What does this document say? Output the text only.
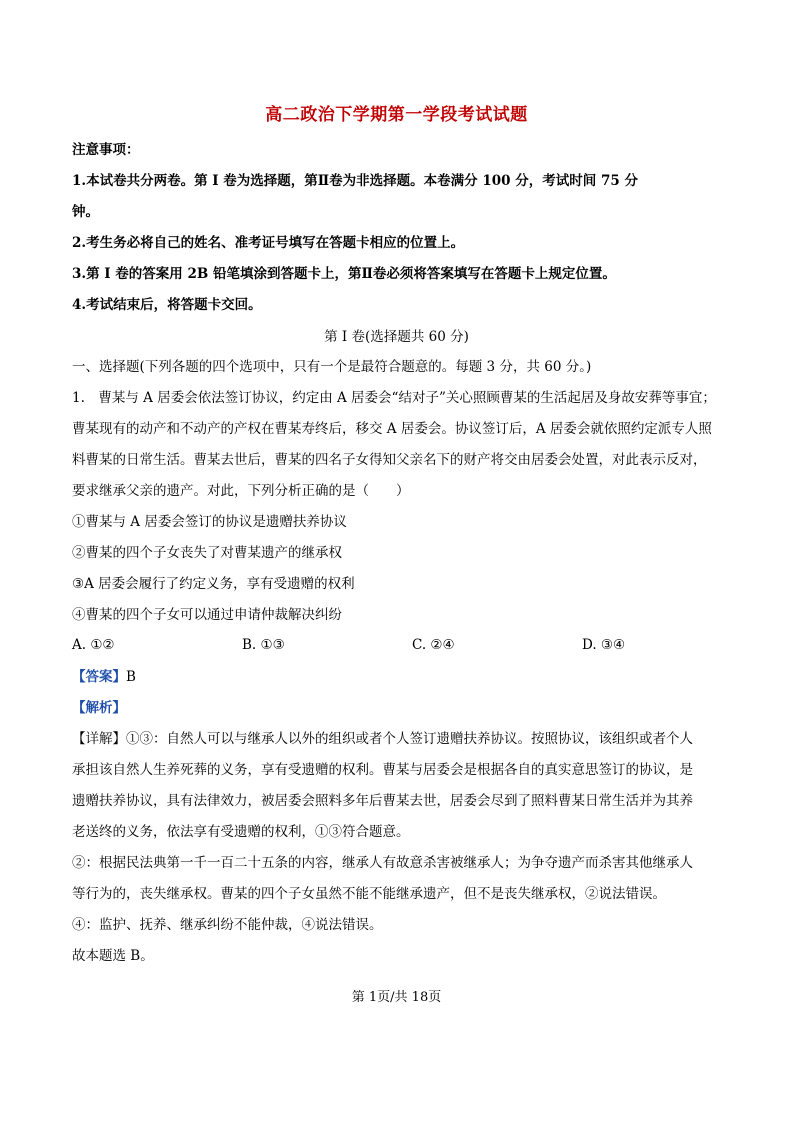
高二政治下学期第一学段考试试题
注意事项：
1.本试卷共分两卷。第 I 卷为选择题，第Ⅱ卷为非选择题。本卷满分 100 分，考试时间 75 分
钟。
2.考生务必将自己的姓名、准考证号填写在答题卡相应的位置上。
3.第 I 卷的答案用 2B 铅笔填涂到答题卡上，第Ⅱ卷必须将答案填写在答题卡上规定位置。
4.考试结束后，将答题卡交回。
第 I 卷(选择题共 60 分)
一、选择题(下列各题的四个选项中，只有一个是最符合题意的。每题 3 分，共 60 分。)
1.　曹某与 A 居委会依法签订协议，约定由 A 居委会“结对子”关心照顾曹某的生活起居及身故安葬等事宜；
曹某现有的动产和不动产的产权在曹某寿终后，移交 A 居委会。协议签订后，A 居委会就依照约定派专人照
料曹某的日常生活。曹某去世后，曹某的四名子女得知父亲名下的财产将交由居委会处置，对此表示反对，
要求继承父亲的遗产。对此，下列分析正确的是（　　）
①曹某与 A 居委会签订的协议是遗赠扶养协议
②曹某的四个子女丧失了对曹某遗产的继承权
③A 居委会履行了约定义务，享有受遗赠的权利
④曹某的四个子女可以通过申请仲裁解决纠纷
A. ①②	B. ①③	C. ②④	D. ③④
【答案】B
【解析】
【详解】①③：自然人可以与继承人以外的组织或者个人签订遗赠扶养协议。按照协议，该组织或者个人
承担该自然人生养死葬的义务，享有受遗赠的权利。曹某与居委会是根据各自的真实意思签订的协议，是
遗赠扶养协议，具有法律效力，被居委会照料多年后曹某去世，居委会尽到了照料曹某日常生活并为其养
老送终的义务，依法享有受遗赠的权利，①③符合题意。
②：根据民法典第一千一百二十五条的内容，继承人有故意杀害被继承人；为争夺遗产而杀害其他继承人
等行为的，丧失继承权。曹某的四个子女虽然不能不能继承遗产，但不是丧失继承权，②说法错误。
④：监护、抚养、继承纠纷不能仲裁，④说法错误。
故本题选 B。
第 1页/共 18页
